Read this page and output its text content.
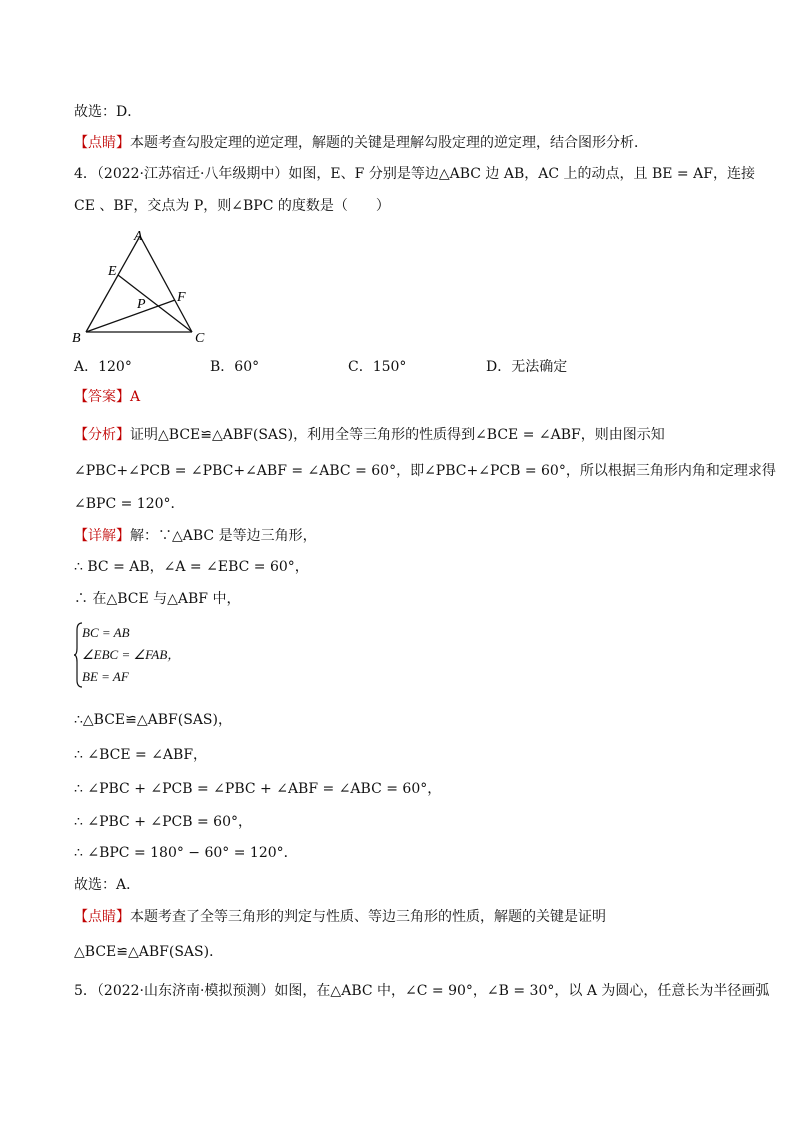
故选：D．
【点睛】本题考查勾股定理的逆定理，解题的关键是理解勾股定理的逆定理，结合图形分析．
4．（2022·江苏宿迁·八年级期中）如图，E、F 分别是等边△ABC 边 AB，AC 上的动点，且 BE = AF，连接
CE 、BF，交点为 P，则∠BPC 的度数是（　　）
A
E
F
P
B	C
A．120°	B．60°	C．150°	D．无法确定
【答案】A
【分析】证明△BCE≌△ABF(SAS)，利用全等三角形的性质得到∠BCE = ∠ABF，则由图示知
∠PBC+∠PCB = ∠PBC+∠ABF = ∠ABC = 60°，即∠PBC+∠PCB = 60°，所以根据三角形内角和定理求得
∠BPC = 120°．
【详解】解：∵△ABC 是等边三角形，
∴ BC = AB，∠A = ∠EBC = 60°，
∴ 在△BCE 与△ABF 中，
BC = AB
∠EBC = ∠FAB，
BE = AF
∴△BCE≌△ABF(SAS)，
∴ ∠BCE = ∠ABF，
∴ ∠PBC + ∠PCB = ∠PBC + ∠ABF = ∠ABC = 60°，
∴ ∠PBC + ∠PCB = 60°，
∴ ∠BPC = 180° − 60° = 120°．
故选：A．
【点睛】本题考查了全等三角形的判定与性质、等边三角形的性质，解题的关键是证明
△BCE≌△ABF(SAS)．
5．（2022·山东济南·模拟预测）如图，在△ABC 中，∠C = 90°，∠B = 30°，以 A 为圆心，任意长为半径画弧
